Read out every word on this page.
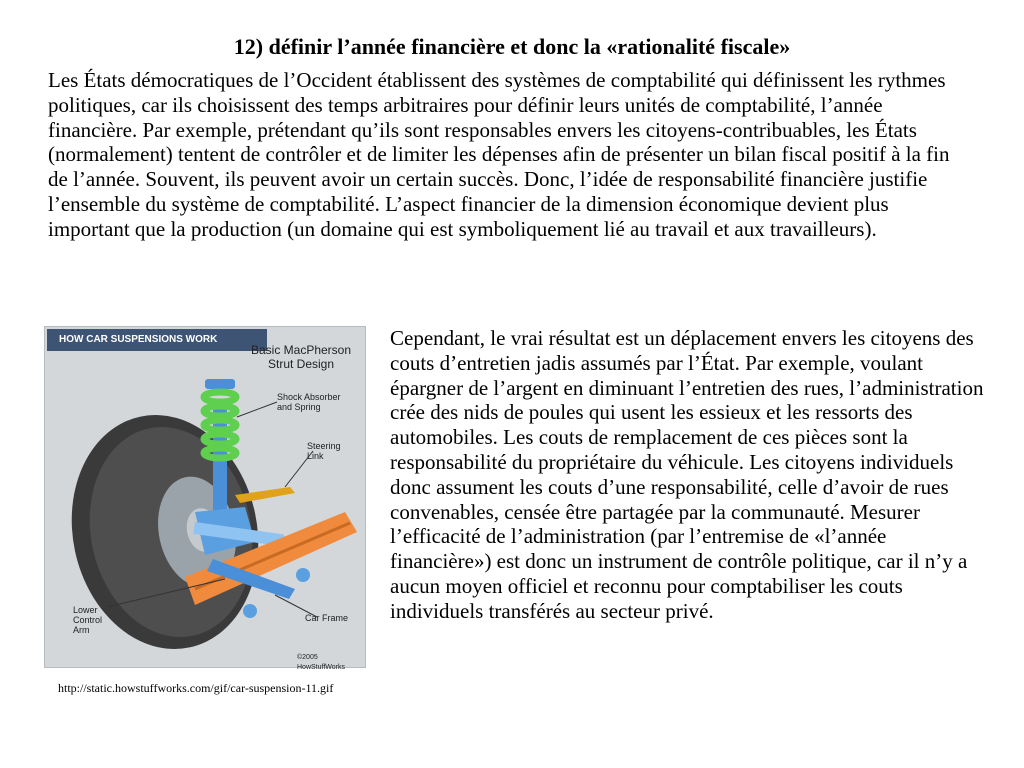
12) définir l’année financière et donc la «rationalité fiscale»
Les États démocratiques de l’Occident établissent des systèmes de comptabilité qui définissent les rythmes politiques, car ils choisissent des temps arbitraires pour définir leurs unités de comptabilité, l’année financière. Par exemple, prétendant qu’ils sont responsables envers les citoyens-contribuables, les États (normalement) tentent de contrôler et de limiter les dépenses afin de présenter un bilan fiscal positif à la fin de l’année. Souvent, ils peuvent avoir un certain succès. Donc, l’idée de responsabilité financière justifie l’ensemble du système de comptabilité. L’aspect financier de la dimension économique devient plus important que la production (un domaine qui est symboliquement lié au travail et aux travailleurs).
HOW CAR SUSPENSIONS WORK
Basic MacPherson
Strut Design
Shock Absorber
and Spring
Steering
Link
Lower
Control
Arm
Car Frame
©2005 HowStuffWorks
http://static.howstuffworks.com/gif/car-suspension-11.gif
Cependant, le vrai résultat est un déplacement envers les citoyens des couts d’entretien jadis assumés par l’État. Par exemple, voulant épargner de l’argent en diminuant l’entretien des rues, l’administration crée des nids de poules qui usent les essieux et les ressorts des automobiles. Les couts de remplacement de ces pièces sont la responsabilité du propriétaire du véhicule. Les citoyens individuels donc assument les couts d’une responsabilité, celle d’avoir de rues convenables, censée être partagée par la communauté. Mesurer l’efficacité de l’administration (par l’entremise de «l’année financière») est donc un instrument de contrôle politique, car il n’y a aucun moyen officiel et reconnu pour comptabiliser les couts individuels transférés au secteur privé.
